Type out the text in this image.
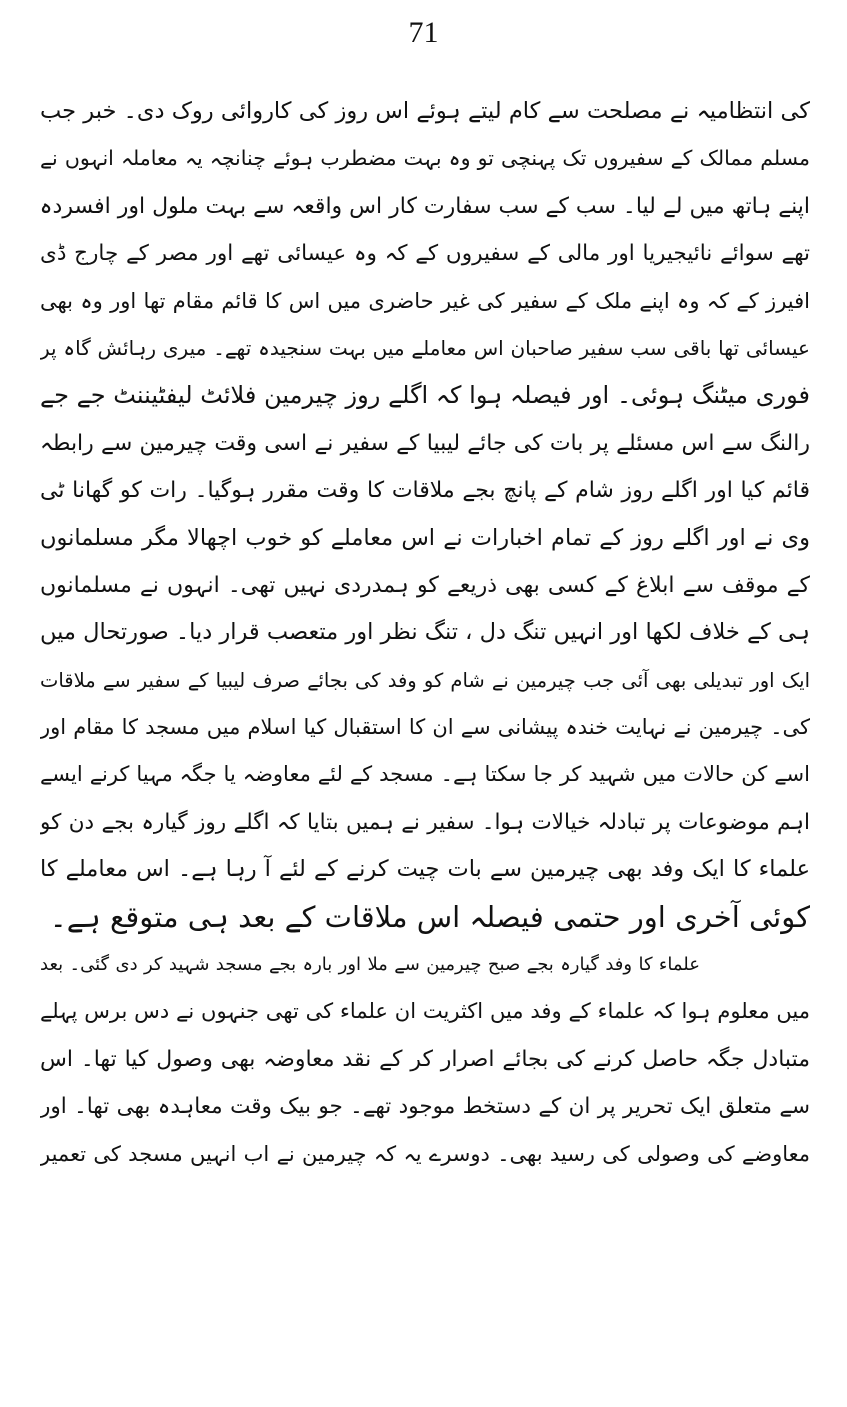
71
کی انتظامیہ نے مصلحت سے کام لیتے ہوئے اس روز کی کاروائی روک دی۔ خبر جب
مسلم ممالک کے سفیروں تک پہنچی تو وہ بہت مضطرب ہوئے چنانچہ یہ معاملہ انہوں نے
اپنے ہاتھ میں لے لیا۔ سب کے سب سفارت کار اس واقعہ سے بہت ملول اور افسردہ
تھے سوائے نائیجیریا اور مالی کے سفیروں کے کہ وہ عیسائی تھے اور مصر کے چارج ڈی
افیرز کے کہ وہ اپنے ملک کے سفیر کی غیر حاضری میں اس کا قائم مقام تھا اور وہ بھی
عیسائی تھا باقی سب سفیر صاحبان اس معاملے میں بہت سنجیدہ تھے۔ میری رہائش گاہ پر
فوری میٹنگ ہوئی۔ اور فیصلہ ہوا کہ اگلے روز چیرمین فلائٹ لیفٹیننٹ جے جے
رالنگ سے اس مسئلے پر بات کی جائے لیبیا کے سفیر نے اسی وقت چیرمین سے رابطہ
قائم کیا اور اگلے روز شام کے پانچ بجے ملاقات کا وقت مقرر ہوگیا۔ رات کو گھانا ٹی
وی نے اور اگلے روز کے تمام اخبارات نے اس معاملے کو خوب اچھالا مگر مسلمانوں
کے موقف سے ابلاغ کے کسی بھی ذریعے کو ہمدردی نہیں تھی۔ انہوں نے مسلمانوں
ہی کے خلاف لکھا اور انہیں تنگ دل ، تنگ نظر اور متعصب قرار دیا۔ صورتحال میں
ایک اور تبدیلی بھی آئی جب چیرمین نے شام کو وفد کی بجائے صرف لیبیا کے سفیر سے ملاقات
کی۔ چیرمین نے نہایت خندہ پیشانی سے ان کا استقبال کیا اسلام میں مسجد کا مقام اور
اسے کن حالات میں شہید کر جا سکتا ہے۔ مسجد کے لئے معاوضہ یا جگہ مہیا کرنے ایسے
اہم موضوعات پر تبادلہ خیالات ہوا۔ سفیر نے ہمیں بتایا کہ اگلے روز گیارہ بجے دن کو
علماء کا ایک وفد بھی چیرمین سے بات چیت کرنے کے لئے آ رہا ہے۔ اس معاملے کا
کوئی آخری اور حتمی فیصلہ اس ملاقات کے بعد ہی متوقع ہے۔
علماء کا وفد گیارہ بجے صبح چیرمین سے ملا اور بارہ بجے مسجد شہید کر دی گئی۔ بعد
میں معلوم ہوا کہ علماء کے وفد میں اکثریت ان علماء کی تھی جنہوں نے دس برس پہلے
متبادل جگہ حاصل کرنے کی بجائے اصرار کر کے نقد معاوضہ بھی وصول کیا تھا۔ اس
سے متعلق ایک تحریر پر ان کے دستخط موجود تھے۔ جو بیک وقت معاہدہ بھی تھا۔ اور
معاوضے کی وصولی کی رسید بھی۔ دوسرے یہ کہ چیرمین نے اب انہیں مسجد کی تعمیر
